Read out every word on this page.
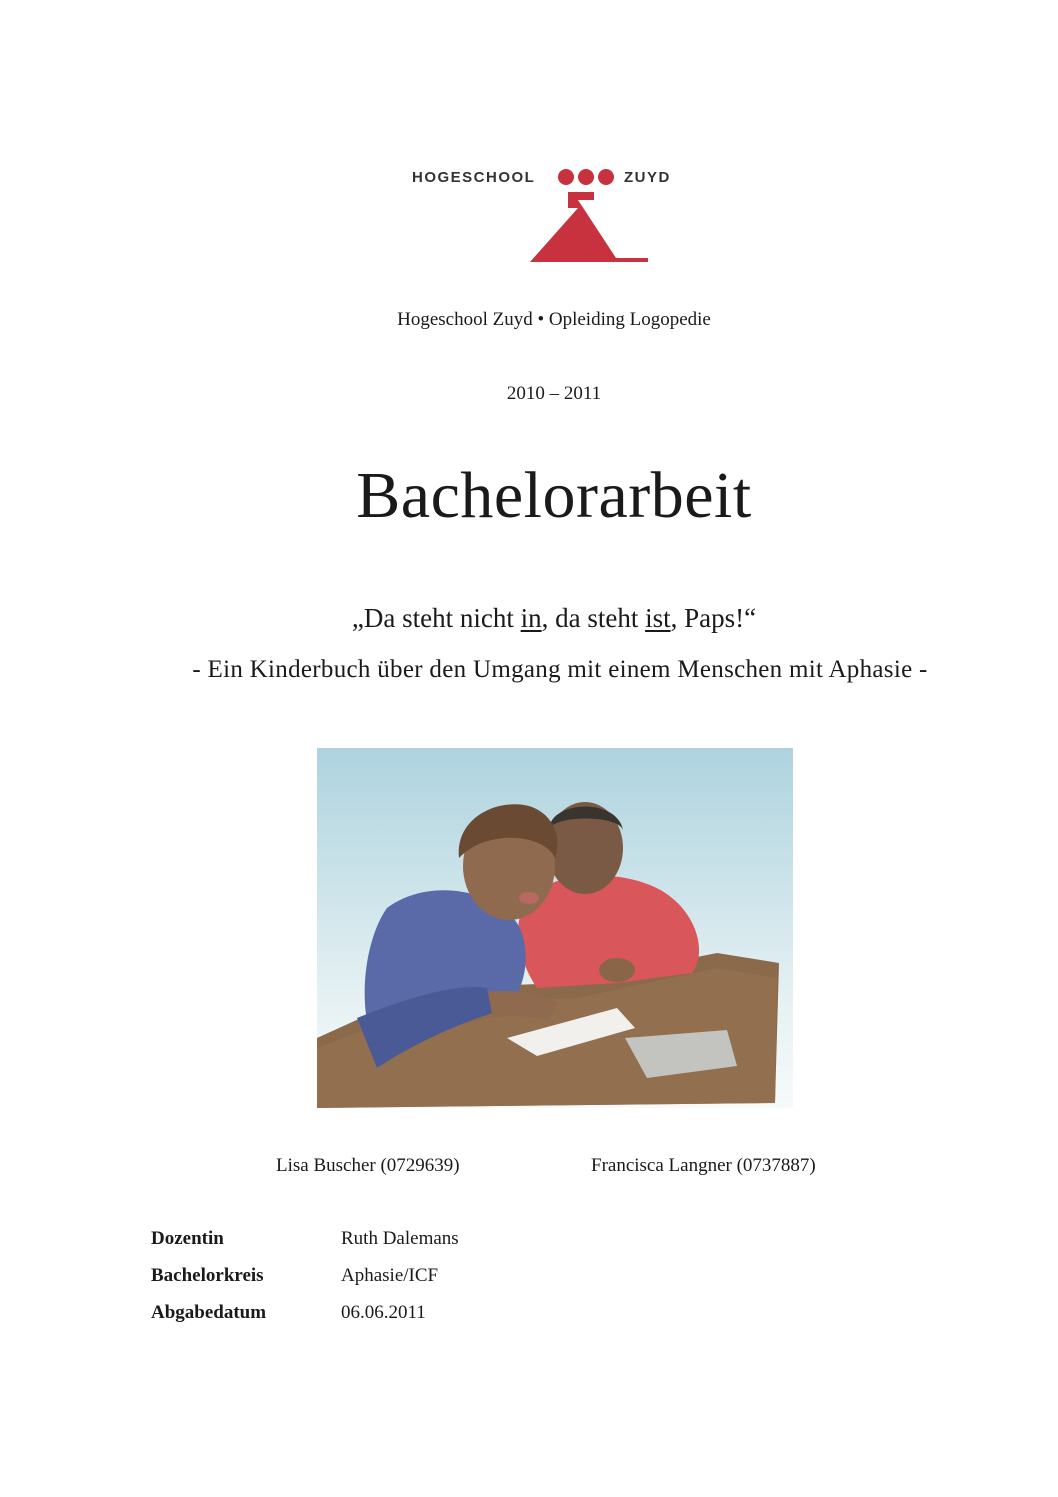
HOGESCHOOL	ZUYD
Hogeschool Zuyd • Opleiding Logopedie
2010 – 2011
Bachelorarbeit
„Da steht nicht in, da steht ist, Paps!“
- Ein Kinderbuch über den Umgang mit einem Menschen mit Aphasie -
Lisa Buscher (0729639)	Francisca Langner (0737887)
Dozentin	Ruth Dalemans
Bachelorkreis	Aphasie/ICF
Abgabedatum	06.06.2011
